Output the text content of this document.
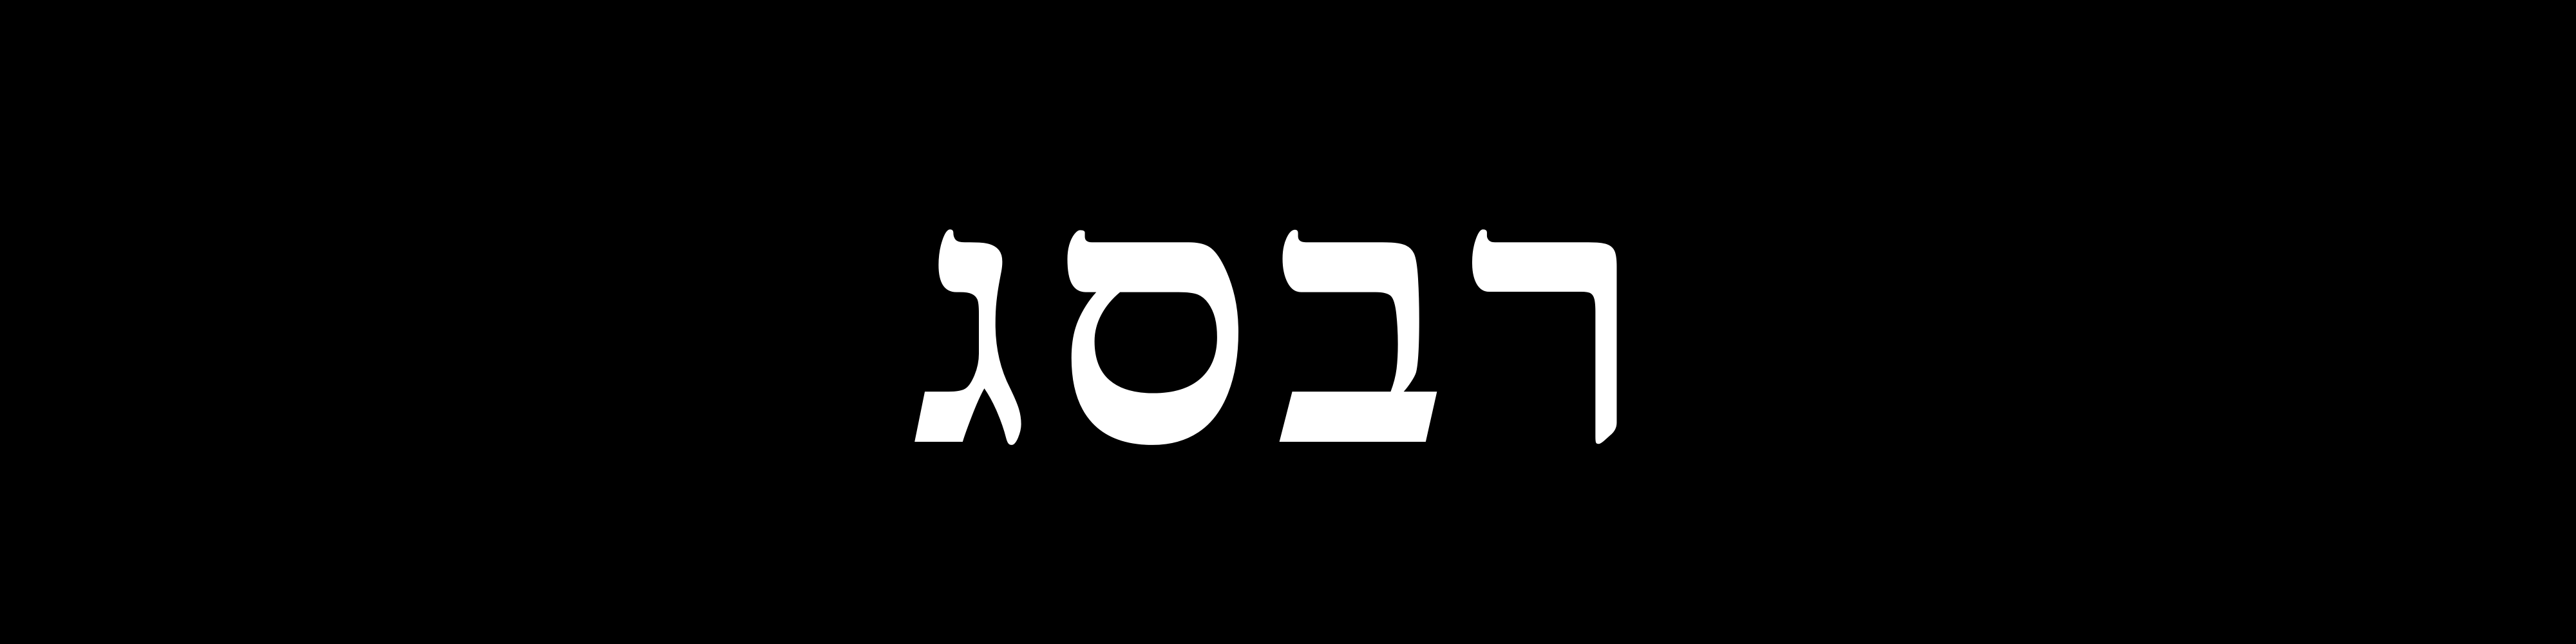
רבסג
